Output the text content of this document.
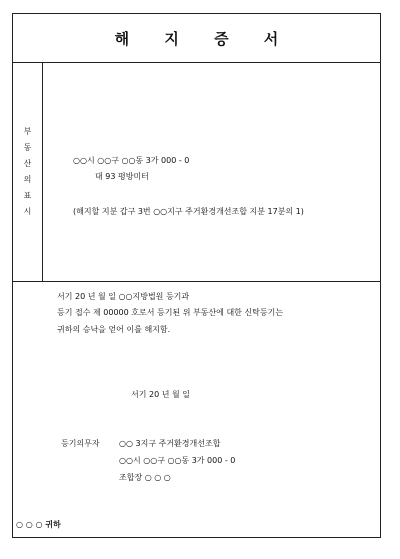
해 지 증 서
부
동
산
의
표
시
○○시 ○○구 ○○동 3가 000 - 0
대 93 평방미터
(해지할 지분 갑구 3번 ○○지구 주거환경개선조합 지분 17분의 1)
서기 20 년 월 일 ○○지방법원 등기과
등기 접수 제 00000 호로서 등기된 위 부동산에 대한 신탁등기는
귀하의 승낙을 얻어 이를 해지함.
서기 20 년 월 일
등기의무자 ○○ 3지구 주거환경개선조합
○○시 ○○구 ○○동 3가 000 - 0
조합장 ○ ○ ○
○ ○ ○ 귀하
